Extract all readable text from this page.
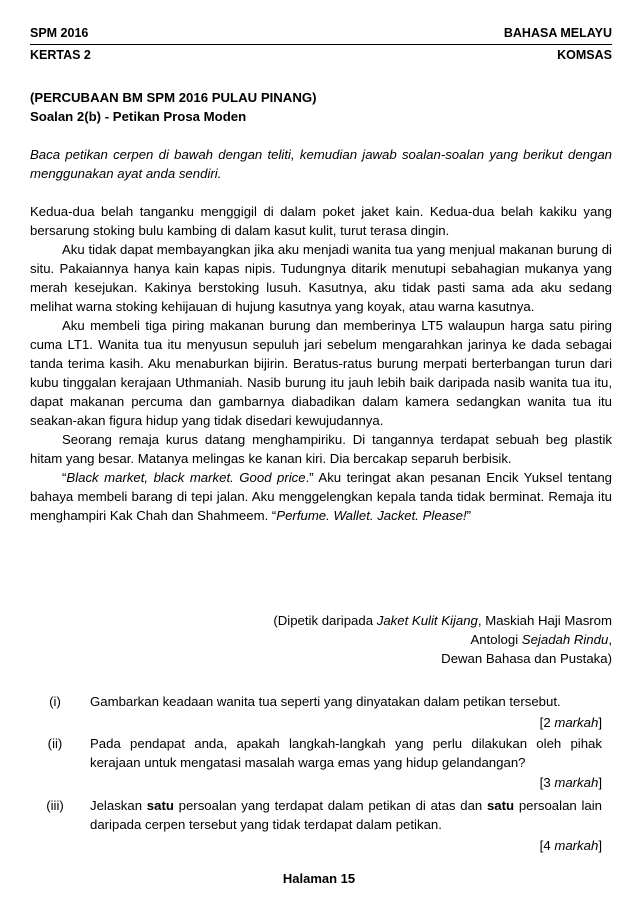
SPM 2016	BAHASA MELAYU
KERTAS 2	KOMSAS

(PERCUBAAN BM SPM 2016 PULAU PINANG)

Soalan 2(b) - Petikan Prosa Moden

Baca petikan cerpen di bawah dengan teliti, kemudian jawab soalan-soalan yang berikut dengan menggunakan ayat anda sendiri.

Kedua-dua belah tanganku menggigil di dalam poket jaket kain. Kedua-dua belah kakiku yang bersarung stoking bulu kambing di dalam kasut kulit, turut terasa dingin.

Aku tidak dapat membayangkan jika aku menjadi wanita tua yang menjual makanan burung di situ. Pakaiannya hanya kain kapas nipis. Tudungnya ditarik menutupi sebahagian mukanya yang merah kesejukan. Kakinya berstoking lusuh. Kasutnya, aku tidak pasti sama ada aku sedang melihat warna stoking kehijauan di hujung kasutnya yang koyak, atau warna kasutnya.

Aku membeli tiga piring makanan burung dan memberinya LT5 walaupun harga satu piring cuma LT1. Wanita tua itu menyusun sepuluh jari sebelum mengarahkan jarinya ke dada sebagai tanda terima kasih. Aku menaburkan bijirin. Beratus-ratus burung merpati berterbangan turun dari kubu tinggalan kerajaan Uthmaniah. Nasib burung itu jauh lebih baik daripada nasib wanita tua itu, dapat makanan percuma dan gambarnya diabadikan dalam kamera sedangkan wanita tua itu seakan-akan figura hidup yang tidak disedari kewujudannya.

Seorang remaja kurus datang menghampiriku. Di tangannya terdapat sebuah beg plastik hitam yang besar. Matanya melingas ke kanan kiri. Dia bercakap separuh berbisik.

“Black market, black market. Good price.” Aku teringat akan pesanan Encik Yuksel tentang bahaya membeli barang di tepi jalan. Aku menggelengkan kepala tanda tidak berminat. Remaja itu menghampiri Kak Chah dan Shahmeem. “Perfume. Wallet. Jacket. Please!”

(Dipetik daripada Jaket Kulit Kijang, Maskiah Haji Masrom

Antologi Sejadah Rindu,

Dewan Bahasa dan Pustaka)

(i)	Gambarkan keadaan wanita tua seperti yang dinyatakan dalam petikan tersebut.
[2 markah]
(ii)	Pada pendapat anda, apakah langkah-langkah yang perlu dilakukan oleh pihak kerajaan untuk mengatasi masalah warga emas yang hidup gelandangan?
[3 markah]
(iii)	Jelaskan satu persoalan yang terdapat dalam petikan di atas dan satu persoalan lain daripada cerpen tersebut yang tidak terdapat dalam petikan.
[4 markah]
Halaman 15
